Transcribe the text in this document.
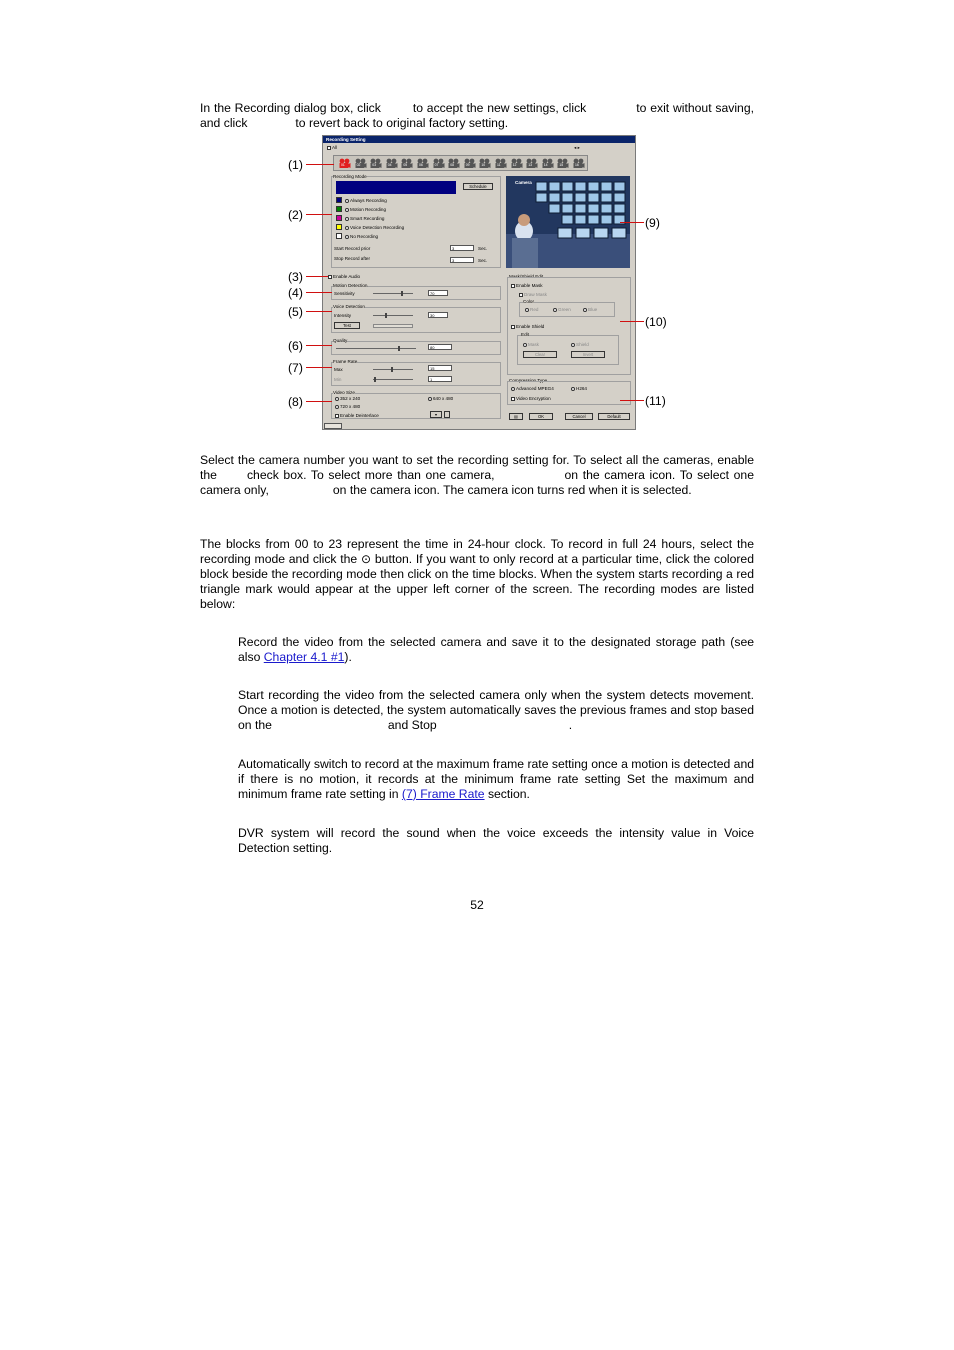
In the Recording dialog box, click	to accept the new settings, click	to exit without saving, and click	to revert back to original factory setting.
Recording Setting
All	◂ ▸
01	02	03	04	05	06	07	08	09	10	11	12	13	14	15	16
Recording Mode
Schedule
Always Recording
Motion Recording
Smart Recording
Voice Detection Recording
No Recording
Start Record prior	3	Sec.
Stop Record after	3	Sec.
Camera
Enable Audio
Motion Detection
Sensitivity	70
Voice Detection
Intensity	30
Test
Quality
80
Frame Rate
Max	15
Min	1
Video Size
352 x 240
720 x 480
640 x 480
Enable Deinterlace	▾
Mask/Shield Edit
Enable Mask
Draw Mask
Color
Red	Green	Blue
Enable Shield
Edit
Mask	Shield
Clear	Invert
Compression Type
Advanced MPEG4	H264
Video Encryption
▤	OK	Cancel	Default
(1)
(2)
(3)
(4)
(5)
(6)
(7)
(8)
(9)
(10)
(11)
Select the camera number you want to set the recording setting for. To select all the cameras, enable the check box. To select more than one camera,	on the camera icon. To select one camera only,	on the camera icon. The camera icon turns red when it is selected.
The blocks from 00 to 23 represent the time in 24-hour clock. To record in full 24 hours, select the recording mode and click the ⊙ button. If you want to only record at a particular time, click the colored block beside the recording mode then click on the time blocks. When the system starts recording a red triangle mark would appear at the upper left corner of the screen. The recording modes are listed below:
Record the video from the selected camera and save it to the designated storage path (see also Chapter 4.1 #1).
Start recording the video from the selected camera only when the system detects movement. Once a motion is detected, the system automatically saves the previous frames and stop based on the	and Stop	.
Automatically switch to record at the maximum frame rate setting once a motion is detected and if there is no motion, it records at the minimum frame rate setting Set the maximum and minimum frame rate setting in (7) Frame Rate section.
DVR system will record the sound when the voice exceeds the intensity value in Voice Detection setting.
52
